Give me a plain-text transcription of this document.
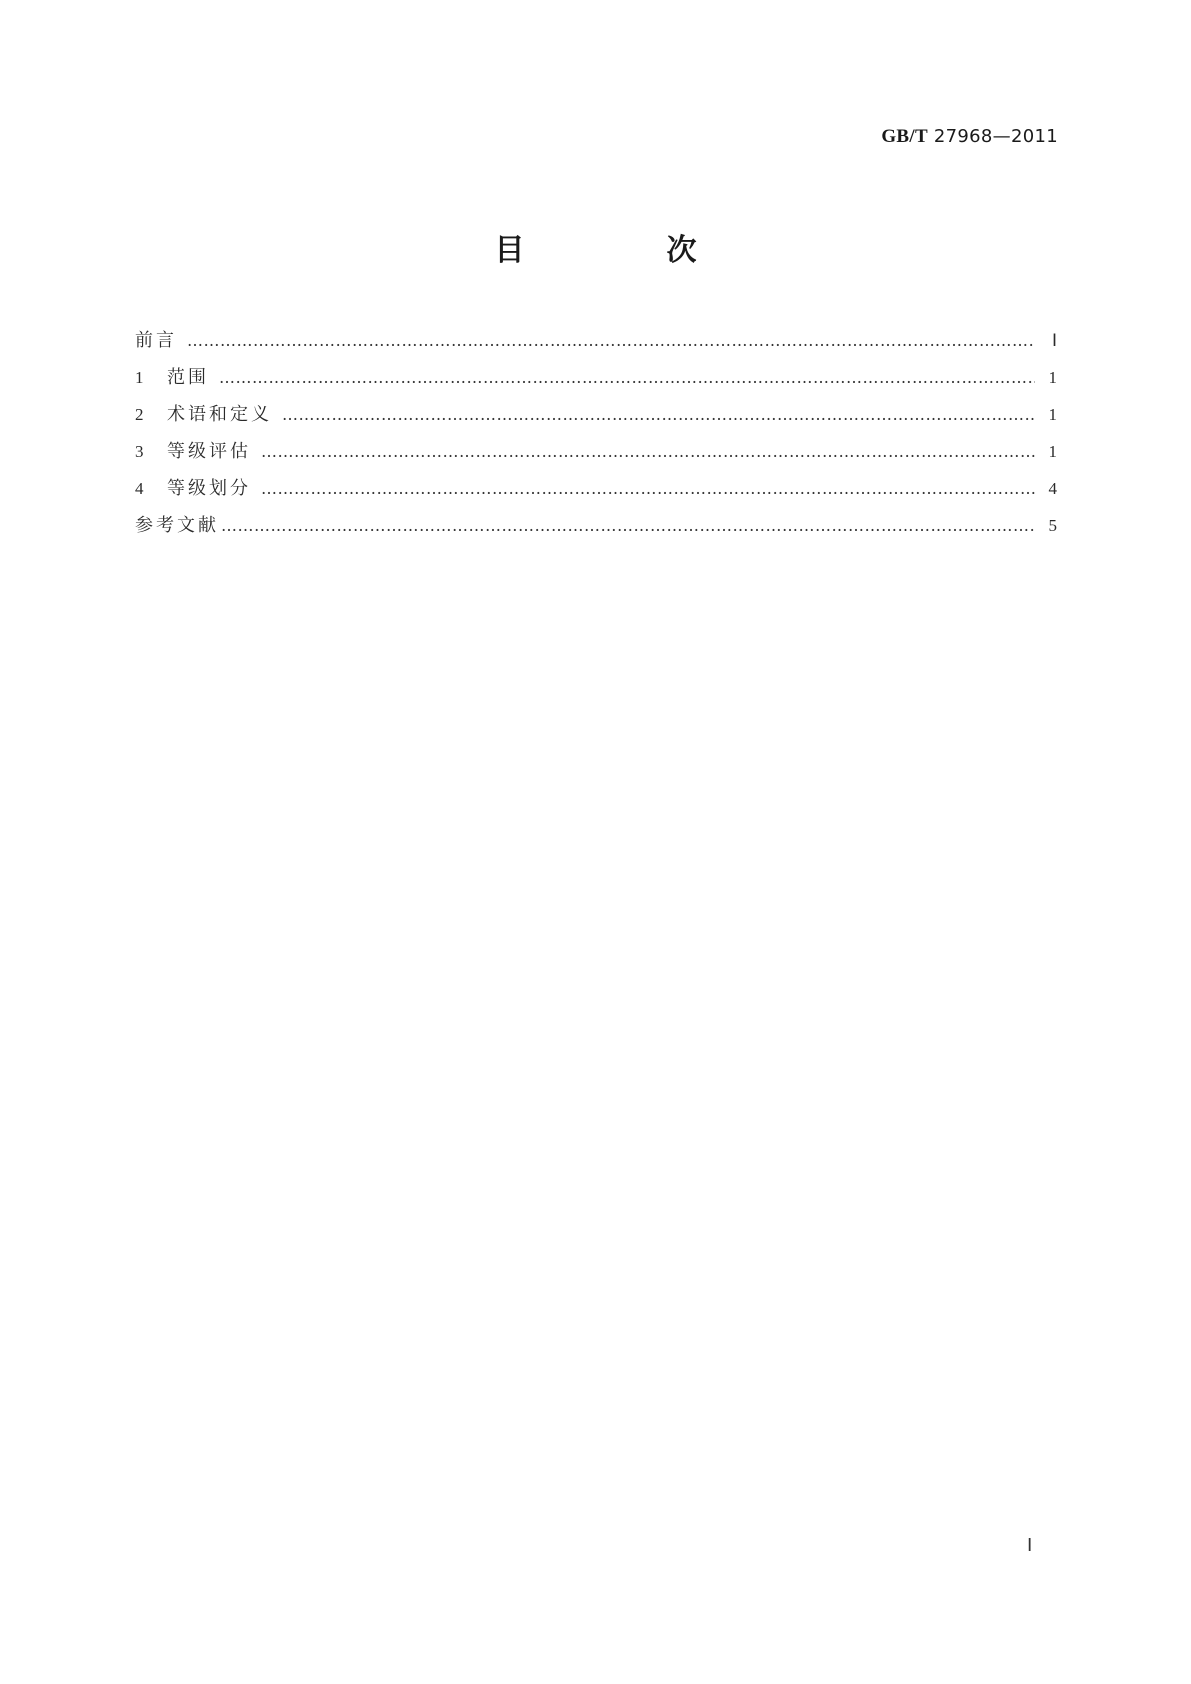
GB/T 27968—2011
目　次
前言 …………………………………………………………………………………………………………………………………………………………………………………………………………………………………	Ⅰ
1	范围 …………………………………………………………………………………………………………………………………………………………………………………………………………………………………	1
2	术语和定义 …………………………………………………………………………………………………………………………………………………………………………………………………………………………………	1
3	等级评估 …………………………………………………………………………………………………………………………………………………………………………………………………………………………………	1
4	等级划分 …………………………………………………………………………………………………………………………………………………………………………………………………………………………………	4
参考文献 …………………………………………………………………………………………………………………………………………………………………………………………………………………………………	5
Ⅰ
